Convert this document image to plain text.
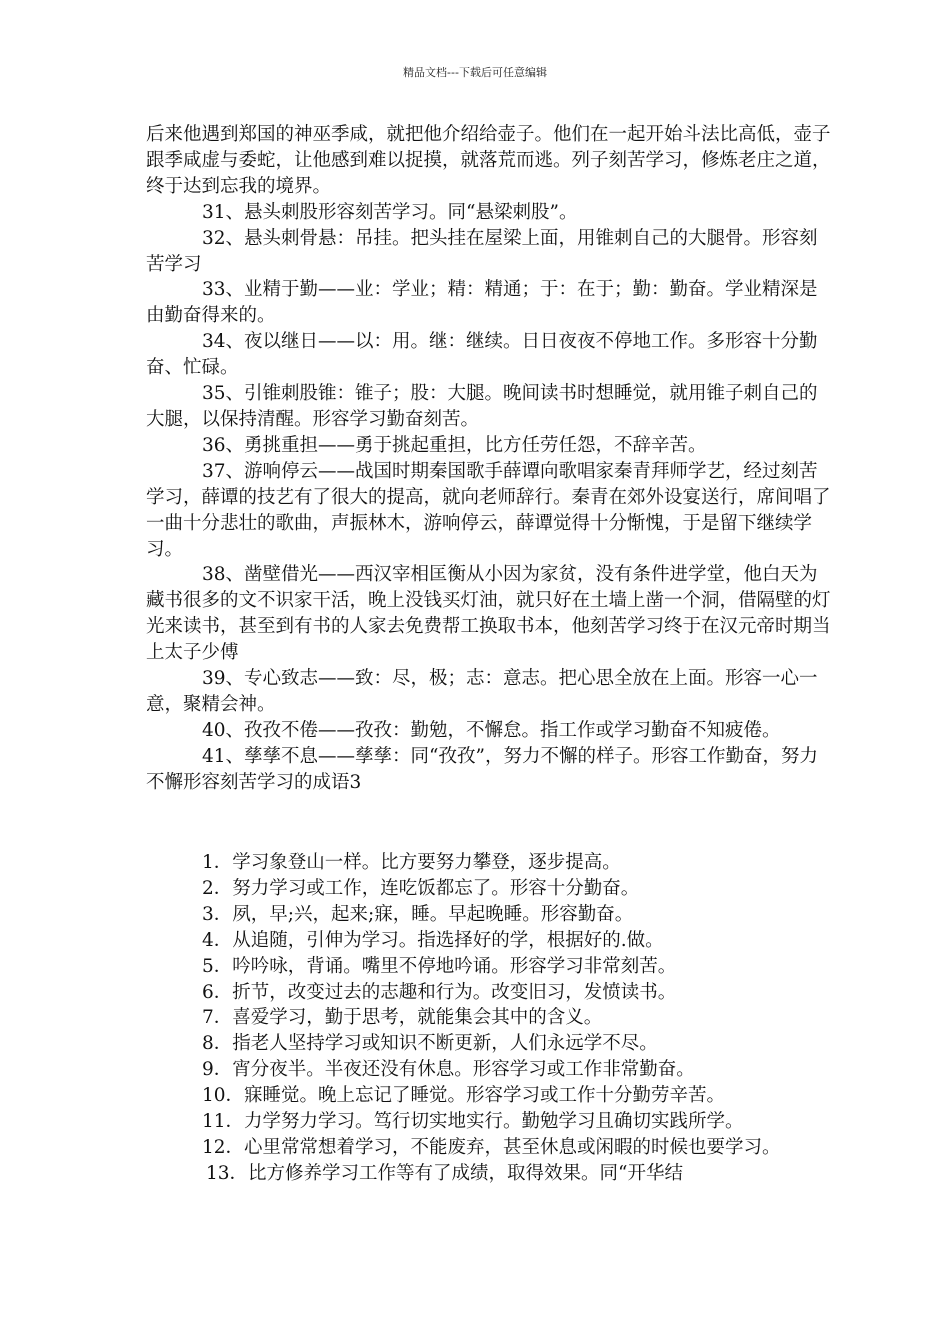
精品文档---下载后可任意编辑

后来他遇到郑国的神巫季咸，就把他介绍给壶子。他们在一起开始斗法比高低，壶子跟季咸虚与委蛇，让他感到难以捉摸，就落荒而逃。列子刻苦学习，修炼老庄之道，终于达到忘我的境界。

31、悬头刺股形容刻苦学习。同“悬梁刺股”。

32、悬头刺骨悬：吊挂。把头挂在屋梁上面，用锥刺自己的大腿骨。形容刻苦学习

33、业精于勤——业：学业；精：精通；于：在于；勤：勤奋。学业精深是由勤奋得来的。

34、夜以继日——以：用。继：继续。日日夜夜不停地工作。多形容十分勤奋、忙碌。

35、引锥刺股锥：锥子；股：大腿。晚间读书时想睡觉，就用锥子刺自己的大腿，以保持清醒。形容学习勤奋刻苦。

36、勇挑重担——勇于挑起重担，比方任劳任怨，不辞辛苦。

37、游响停云——战国时期秦国歌手薛谭向歌唱家秦青拜师学艺，经过刻苦学习，薛谭的技艺有了很大的提高，就向老师辞行。秦青在郊外设宴送行，席间唱了一曲十分悲壮的歌曲，声振林木，游响停云，薛谭觉得十分惭愧，于是留下继续学习。

38、凿壁借光——西汉宰相匡衡从小因为家贫，没有条件进学堂，他白天为藏书很多的文不识家干活，晚上没钱买灯油，就只好在土墙上凿一个洞，借隔壁的灯光来读书，甚至到有书的人家去免费帮工换取书本，他刻苦学习终于在汉元帝时期当上太子少傅

39、专心致志——致：尽，极；志：意志。把心思全放在上面。形容一心一意，聚精会神。

40、孜孜不倦——孜孜：勤勉，不懈怠。指工作或学习勤奋不知疲倦。

41、孳孳不息——孳孳：同“孜孜”，努力不懈的样子。形容工作勤奋，努力不懈形容刻苦学习的成语3

1．学习象登山一样。比方要努力攀登，逐步提高。

2．努力学习或工作，连吃饭都忘了。形容十分勤奋。

3．夙，早;兴，起来;寐，睡。早起晚睡。形容勤奋。

4．从追随，引伸为学习。指选择好的学，根据好的.做。

5．吟吟咏，背诵。嘴里不停地吟诵。形容学习非常刻苦。

6．折节，改变过去的志趣和行为。改变旧习，发愤读书。

7．喜爱学习，勤于思考，就能集会其中的含义。

8．指老人坚持学习或知识不断更新，人们永远学不尽。

9．宵分夜半。半夜还没有休息。形容学习或工作非常勤奋。

10．寐睡觉。晚上忘记了睡觉。形容学习或工作十分勤劳辛苦。

11．力学努力学习。笃行切实地实行。勤勉学习且确切实践所学。

12．心里常常想着学习，不能废弃，甚至休息或闲暇的时候也要学习。

13．比方修养学习工作等有了成绩，取得效果。同“开华结
